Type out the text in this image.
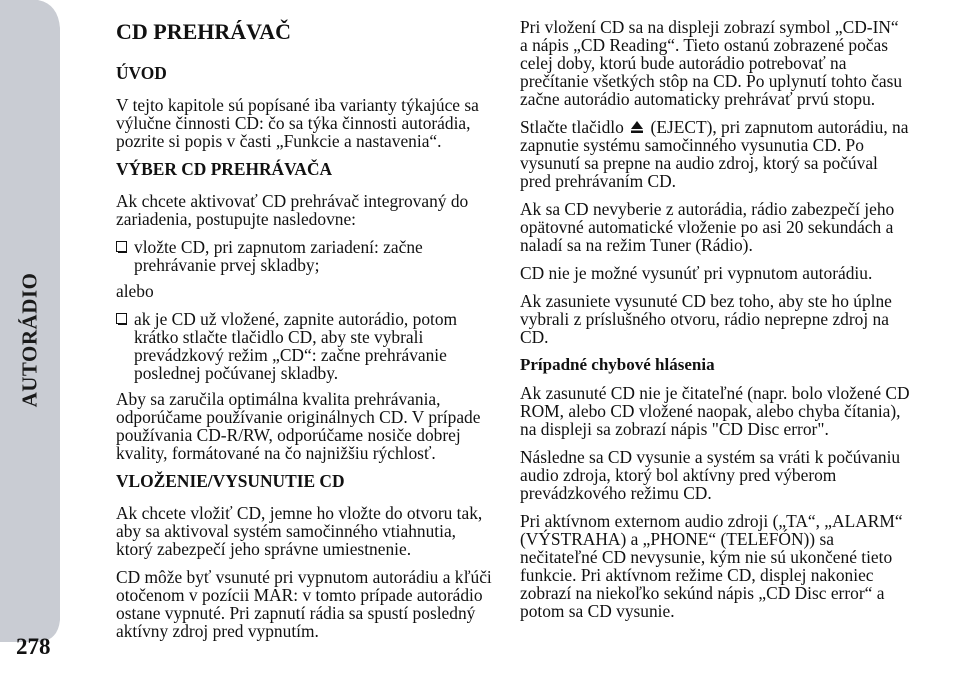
AUTORÁDIO
278
CD PREHRÁVAČ
ÚVOD

V tejto kapitole sú popísané iba varianty týkajúce sa výlučne činnosti CD: čo sa týka činnosti autorádia, pozrite si popis v časti „Funkcie a nastavenia“.

VÝBER CD PREHRÁVAČA

Ak chcete aktivovať CD prehrávač integrovaný do zariadenia, postupujte nasledovne:

vložte CD, pri zapnutom zariadení: začne prehrávanie prvej skladby;

alebo

ak je CD už vložené, zapnite autorádio, potom krátko stlačte tlačidlo CD, aby ste vybrali prevádzkový režim „CD“: začne prehrávanie poslednej počúvanej skladby.

Aby sa zaručila optimálna kvalita prehrávania, odporúčame používanie originálnych CD. V prípade používania CD-R/RW, odporúčame nosiče dobrej kvality, formátované na čo najnižšiu rýchlosť.

VLOŽENIE/VYSUNUTIE CD

Ak chcete vložiť CD, jemne ho vložte do otvoru tak, aby sa aktivoval systém samočinného vtiahnutia, ktorý zabezpečí jeho správne umiestnenie.

CD môže byť vsunuté pri vypnutom autorádiu a kľúči otočenom v pozícii MAR: v tomto prípade autorádio ostane vypnuté. Pri zapnutí rádia sa spustí posledný aktívny zdroj pred vypnutím.

Pri vložení CD sa na displeji zobrazí symbol „CD-IN“ a nápis „CD Reading“. Tieto ostanú zobrazené počas celej doby, ktorú bude autorádio potrebovať na prečítanie všetkých stôp na CD. Po uplynutí tohto času začne autorádio automaticky prehrávať prvú stopu.

Stlačte tlačidlo (EJECT), pri zapnutom autorádiu, na zapnutie systému samočinného vysunutia CD. Po vysunutí sa prepne na audio zdroj, ktorý sa počúval pred prehrávaním CD.

Ak sa CD nevyberie z autorádia, rádio zabezpečí jeho opätovné automatické vloženie po asi 20 sekundách a naladí sa na režim Tuner (Rádio).

CD nie je možné vysunúť pri vypnutom autorádiu.

Ak zasuniete vysunuté CD bez toho, aby ste ho úplne vybrali z príslušného otvoru, rádio neprepne zdroj na CD.

Prípadné chybové hlásenia

Ak zasunuté CD nie je čitateľné (napr. bolo vložené CD ROM, alebo CD vložené naopak, alebo chyba čítania), na displeji sa zobrazí nápis "CD Disc error".

Následne sa CD vysunie a systém sa vráti k počúvaniu audio zdroja, ktorý bol aktívny pred výberom prevádzkového režimu CD.

Pri aktívnom externom audio zdroji („TA“, „ALARM“ (VÝSTRAHA) a „PHONE“ (TELEFÓN)) sa nečitateľné CD nevysunie, kým nie sú ukončené tieto funkcie. Pri aktívnom režime CD, displej nakoniec zobrazí na niekoľko sekúnd nápis „CD Disc error“ a potom sa CD vysunie.
